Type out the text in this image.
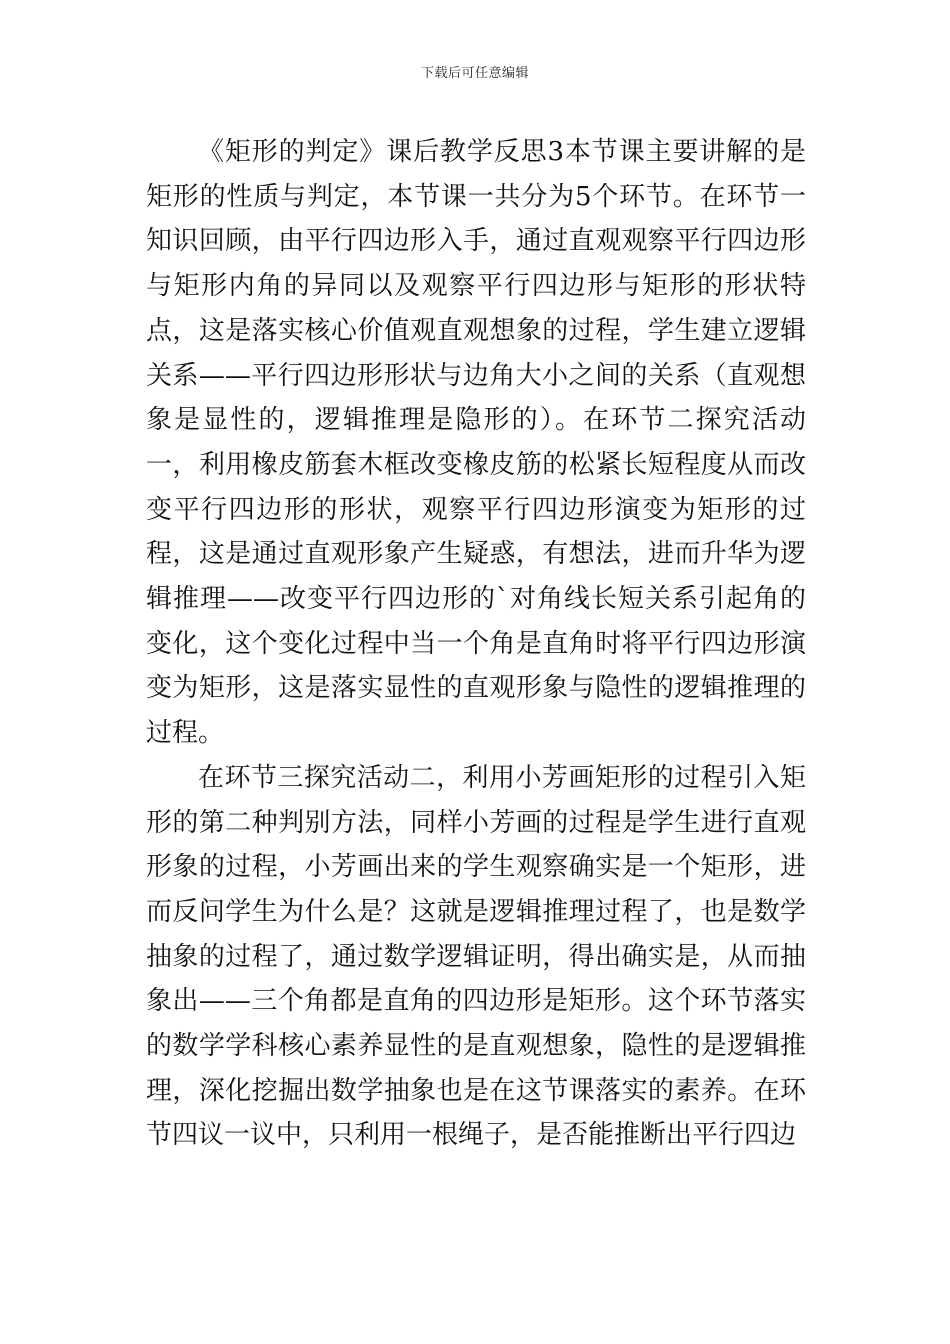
下载后可任意编辑

《矩形的判定》课后教学反思3本节课主要讲解的是矩形的性质与判定，本节课一共分为5个环节。在环节一知识回顾，由平行四边形入手，通过直观观察平行四边形与矩形内角的异同以及观察平行四边形与矩形的形状特点，这是落实核心价值观直观想象的过程，学生建立逻辑关系——平行四边形形状与边角大小之间的关系（直观想象是显性的，逻辑推理是隐形的）。在环节二探究活动一，利用橡皮筋套木框改变橡皮筋的松紧长短程度从而改变平行四边形的形状，观察平行四边形演变为矩形的过程，这是通过直观形象产生疑惑，有想法，进而升华为逻辑推理——改变平行四边形的`对角线长短关系引起角的变化，这个变化过程中当一个角是直角时将平行四边形演变为矩形，这是落实显性的直观形象与隐性的逻辑推理的过程。

在环节三探究活动二，利用小芳画矩形的过程引入矩形的第二种判别方法，同样小芳画的过程是学生进行直观形象的过程，小芳画出来的学生观察确实是一个矩形，进而反问学生为什么是？这就是逻辑推理过程了，也是数学抽象的过程了，通过数学逻辑证明，得出确实是，从而抽象出——三个角都是直角的四边形是矩形。这个环节落实的数学学科核心素养显性的是直观想象，隐性的是逻辑推理，深化挖掘出数学抽象也是在这节课落实的素养。在环节四议一议中，只利用一根绳子，是否能推断出平行四边
